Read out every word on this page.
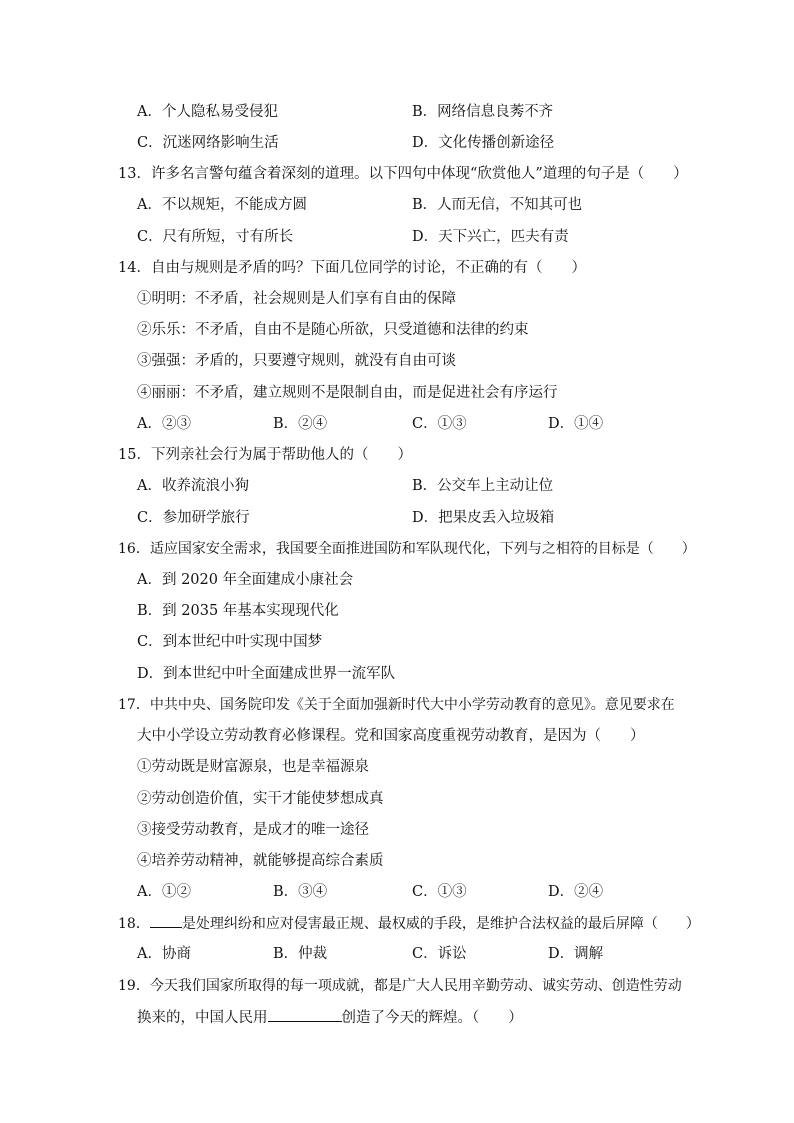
A．个人隐私易受侵犯	B．网络信息良莠不齐
C．沉迷网络影响生活	D．文化传播创新途径
13．许多名言警句蕴含着深刻的道理。以下四句中体现“欣赏他人”道理的句子是（　　）
A．不以规矩，不能成方圆	B．人而无信，不知其可也
C．尺有所短，寸有所长	D．天下兴亡，匹夫有责
14．自由与规则是矛盾的吗？下面几位同学的讨论，不正确的有（　　）
①明明：不矛盾，社会规则是人们享有自由的保障
②乐乐：不矛盾，自由不是随心所欲，只受道德和法律的约束
③强强：矛盾的，只要遵守规则，就没有自由可谈
④丽丽：不矛盾，建立规则不是限制自由，而是促进社会有序运行
A．②③	B．②④	C．①③	D．①④
15．下列亲社会行为属于帮助他人的（　　）
A．收养流浪小狗	B．公交车上主动让位
C．参加研学旅行	D．把果皮丢入垃圾箱
16．适应国家安全需求，我国要全面推进国防和军队现代化，下列与之相符的目标是（　　）
A．到 2020 年全面建成小康社会
B．到 2035 年基本实现现代化
C．到本世纪中叶实现中国梦
D．到本世纪中叶全面建成世界一流军队
17．中共中央、国务院印发《关于全面加强新时代大中小学劳动教育的意见》。意见要求在
大中小学设立劳动教育必修课程。党和国家高度重视劳动教育，是因为（　　）
①劳动既是财富源泉，也是幸福源泉
②劳动创造价值，实干才能使梦想成真
③接受劳动教育，是成才的唯一途径
④培养劳动精神，就能够提高综合素质
A．①②	B．③④	C．①③	D．②④
18． 是处理纠纷和应对侵害最正规、最权威的手段，是维护合法权益的最后屏障（　　）
A．协商	B．仲裁	C．诉讼	D．调解
19．今天我们国家所取得的每一项成就，都是广大人民用辛勤劳动、诚实劳动、创造性劳动
换来的，中国人民用	创造了今天的辉煌。（　　）
